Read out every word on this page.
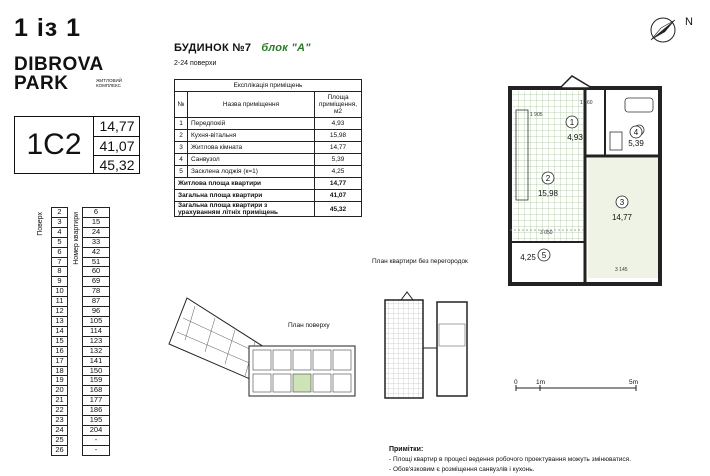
1 із 1
DIBROVA
PARK	ЖИТЛОВИЙ КОМПЛЕКС
1C2
14,77
41,07
45,32
Поверх	Номер квартири
2		6
3		15
4		24
5		33
6		42
7		51
8		60
9		69
10		78
11		87
12		96
13		105
14		114
15		123
16		132
17		141
18		150
19		159
20		168
21		177
22		186
23		195
24		204
25		-
26		-
БУДИНОК №7 блок "А"
2-24 поверхи
Експлікація приміщень		
№	Назва приміщення	Площа приміщення, м2
1	Передпокій	4,93
2	Кухня-вітальня	15,98
3	Житлова кімната	14,77
4	Санвузол	5,39
5	Засклена лоджія (к=1)	4,25
Житлова площа квартири		14,77
Загальна площа квартири		41,07
Загальна площа квартири з урахуванням літніх приміщень		45,32
1
4,93
2
15,98
3
14,77
4
5,39
5
4,25
1 660
1 905
3 050
3 145
N
План квартири без перегородок
0	1m	5m
План поверху
Примітки:
- Площі квартир в процесі ведення робочого проектування можуть змінюватися.
- Обов'язковим є розміщення санвузлів і кухонь.
